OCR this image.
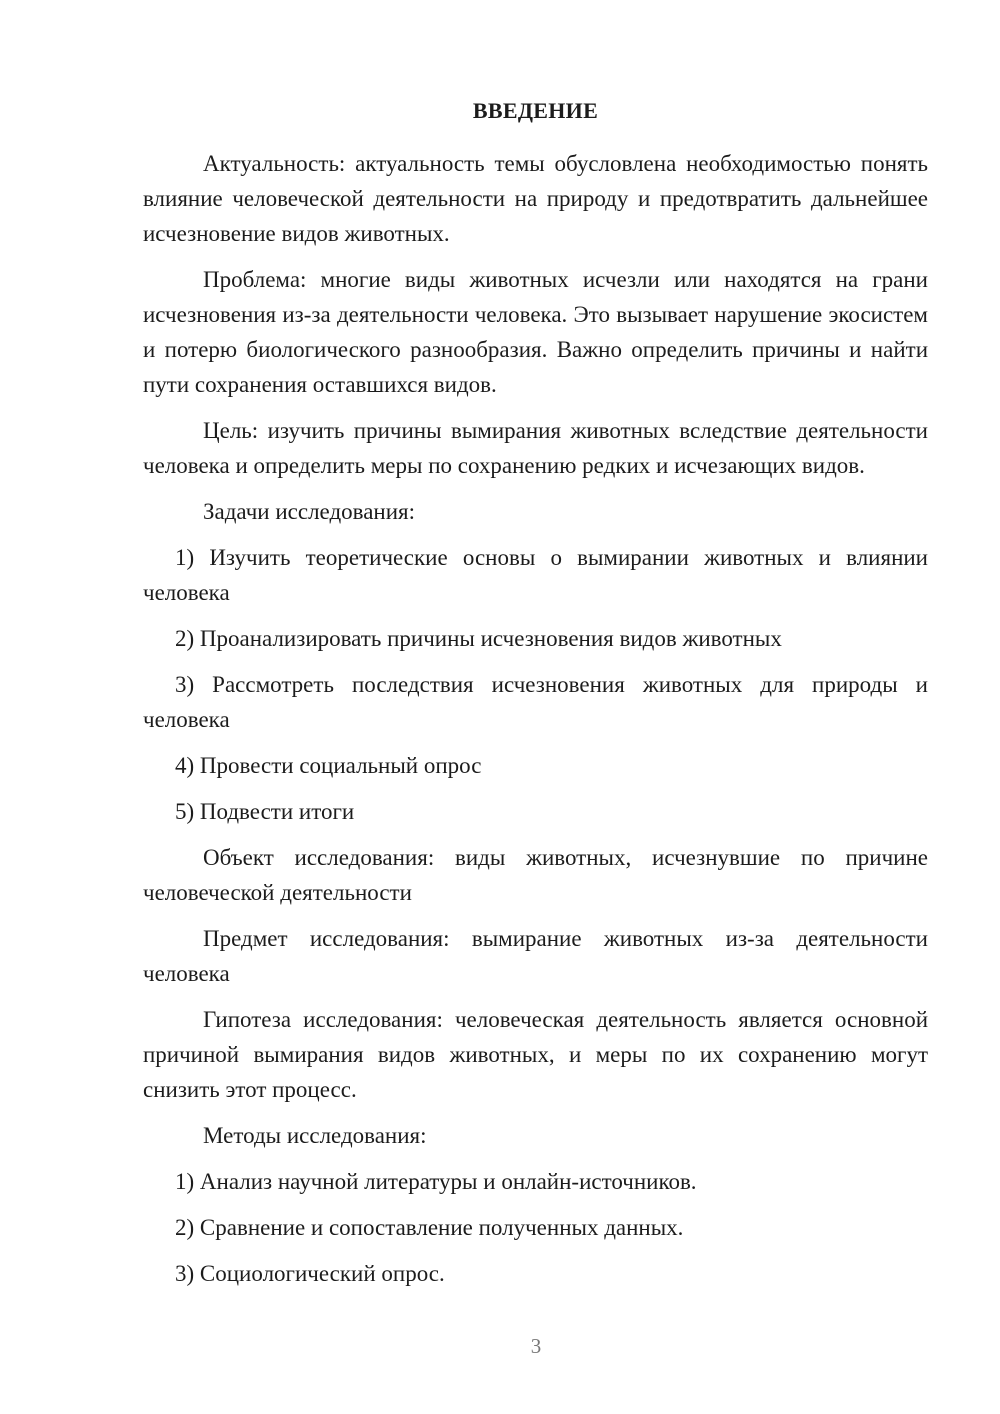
ВВЕДЕНИЕ

Актуальность: актуальность темы обусловлена необходимостью понять влияние человеческой деятельности на природу и предотвратить дальнейшее исчезновение видов животных.

Проблема: многие виды животных исчезли или находятся на грани исчезновения из-за деятельности человека. Это вызывает нарушение экосистем и потерю биологического разнообразия. Важно определить причины и найти пути сохранения оставшихся видов.

Цель: изучить причины вымирания животных вследствие деятельности человека и определить меры по сохранению редких и исчезающих видов.

Задачи исследования:

1) Изучить теоретические основы о вымирании животных и влиянии человека

2) Проанализировать причины исчезновения видов животных

3) Рассмотреть последствия исчезновения животных для природы и человека

4) Провести социальный опрос

5) Подвести итоги

Объект исследования: виды животных, исчезнувшие по причине человеческой деятельности

Предмет исследования: вымирание животных из-за деятельности человека

Гипотеза исследования: человеческая деятельность является основной причиной вымирания видов животных, и меры по их сохранению могут снизить этот процесс.

Методы исследования:

1) Анализ научной литературы и онлайн-источников.

2) Сравнение и сопоставление полученных данных.

3) Социологический опрос.

3
